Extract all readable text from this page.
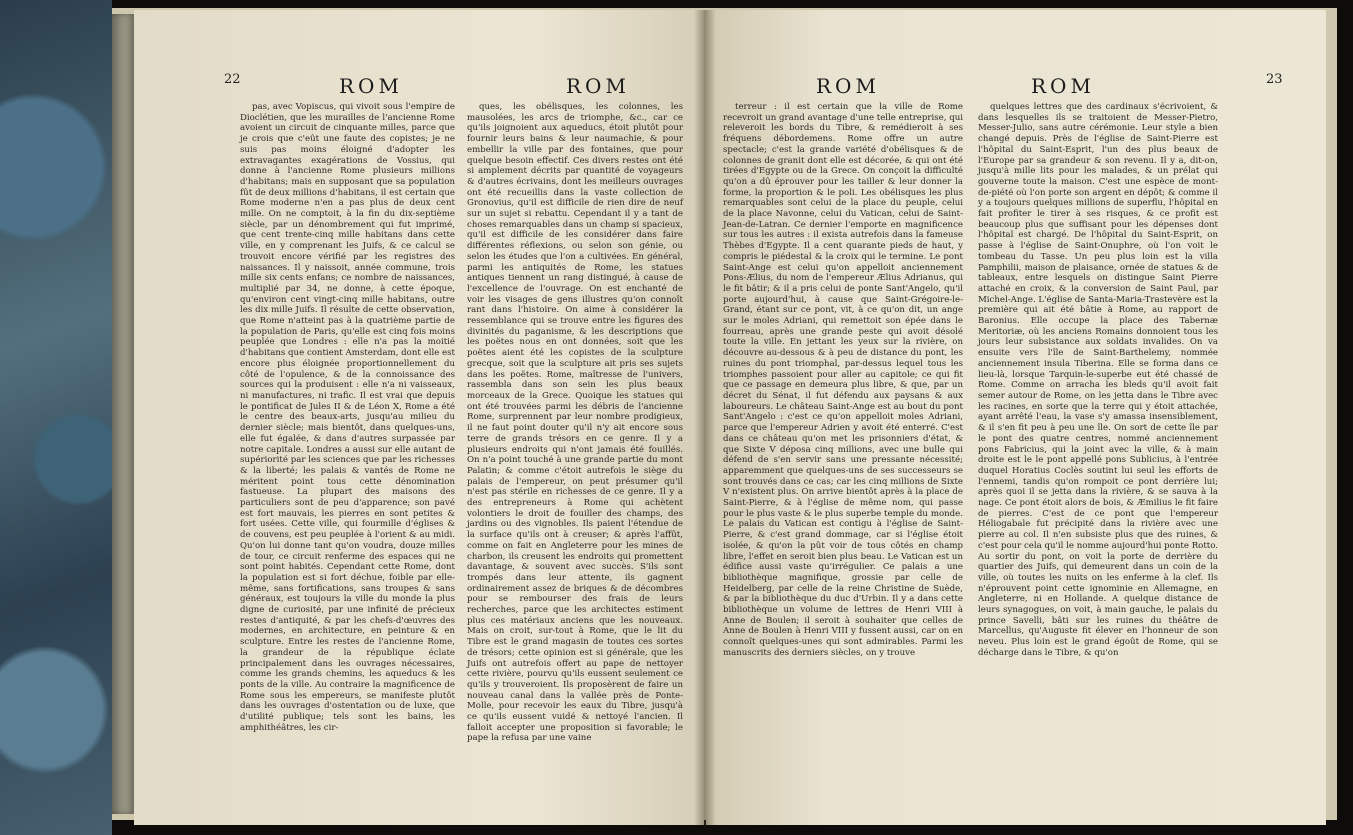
22	ROM	ROM

pas, avec Vopiscus, qui vivoit sous l'empire de Dioclétien, que les murailles de l'ancienne Rome avoient un circuit de cinquante milles, parce que je crois que c'eût une faute des copistes; je ne suis pas moins éloigné d'adopter les extravagantes exagérations de Vossius, qui donne à l'ancienne Rome plusieurs millions d'habitans; mais en supposant que sa population fût de deux millions d'habitans, il est certain que Rome moderne n'en a pas plus de deux cent mille. On ne comptoit, à la fin du dix-septième siècle, par un dénombrement qui fut imprimé, que cent trente-cinq mille habitans dans cette ville, en y comprenant les Juifs, & ce calcul se trouvoit encore vérifié par les registres des naissances. Il y naissoit, année commune, trois mille six cents enfans; ce nombre de naissances, multiplié par 34, ne donne, à cette époque, qu'environ cent vingt-cinq mille habitans, outre les dix mille Juifs. Il résulte de cette observation, que Rome n'atteint pas à la quatrième partie de la population de Paris, qu'elle est cinq fois moins peuplée que Londres : elle n'a pas la moitié d'habitans que contient Amsterdam, dont elle est encore plus éloignée proportionnellement du côté de l'opulence, & de la connoissance des sources qui la produisent : elle n'a ni vaisseaux, ni manufactures, ni trafic. Il est vrai que depuis le pontificat de Jules II & de Léon X, Rome a été le centre des beaux-arts, jusqu'au milieu du dernier siècle; mais bientôt, dans quelques-uns, elle fut égalée, & dans d'autres surpassée par notre capitale. Londres a aussi sur elle autant de supériorité par les sciences que par les richesses & la liberté; les palais & vantés de Rome ne méritent point tous cette dénomination fastueuse. La plupart des maisons des particuliers sont de peu d'apparence; son pavé est fort mauvais, les pierres en sont petites & fort usées. Cette ville, qui fourmille d'églises & de couvens, est peu peuplée à l'orient & au midi. Qu'on lui donne tant qu'on voudra, douze milles de tour, ce circuit renferme des espaces qui ne sont point habités. Cependant cette Rome, dont la population est si fort déchue, foible par elle-même, sans fortifications, sans troupes & sans généraux, est toujours la ville du monde la plus digne de curiosité, par une infinité de précieux restes d'antiquité, & par les chefs-d'œuvres des modernes, en architecture, en peinture & en sculpture. Entre les restes de l'ancienne Rome, la grandeur de la république éclate principalement dans les ouvrages nécessaires, comme les grands chemins, les aqueducs & les ponts de la ville. Au contraire la magnificence de Rome sous les empereurs, se manifeste plutôt dans les ouvrages d'ostentation ou de luxe, que d'utilité publique; tels sont les bains, les amphithéâtres, les cir-

ques, les obélisques, les colonnes, les mausolées, les arcs de triomphe, &c., car ce qu'ils joignoient aux aqueducs, étoit plutôt pour fournir leurs bains & leur naumachie, & pour embellir la ville par des fontaines, que pour quelque besoin effectif. Ces divers restes ont été si amplement décrits par quantité de voyageurs & d'autres écrivains, dont les meilleurs ouvrages ont été recueillis dans la vaste collection de Gronovius, qu'il est difficile de rien dire de neuf sur un sujet si rebattu. Cependant il y a tant de choses remarquables dans un champ si spacieux, qu'il est difficile de les considérer dans faire différentes réflexions, ou selon son génie, ou selon les études que l'on a cultivées. En général, parmi les antiquités de Rome, les statues antiques tiennent un rang distingué, à cause de l'excellence de l'ouvrage. On est enchanté de voir les visages de gens illustres qu'on connoît rant dans l'histoire. On aime à considérer la ressemblance qui se trouve entre les figures des divinités du paganisme, & les descriptions que les poëtes nous en ont données, soit que les poëtes aient été les copistes de la sculpture grecque, soit que la sculpture ait pris ses sujets dans les poëtes. Rome, maîtresse de l'univers, rassembla dans son sein les plus beaux morceaux de la Grece. Quoique les statues qui ont été trouvées parmi les débris de l'ancienne Rome, surprennent par leur nombre prodigieux, il ne faut point douter qu'il n'y ait encore sous terre de grands trésors en ce genre. Il y a plusieurs endroits qui n'ont jamais été fouillés. On n'a point touché à une grande partie du mont Palatin; & comme c'étoit autrefois le siège du palais de l'empereur, on peut présumer qu'il n'est pas stérile en richesses de ce genre. Il y a des entrepreneurs à Rome qui achètent volontiers le droit de fouiller des champs, des jardins ou des vignobles. Ils paient l'étendue de la surface qu'ils ont à creuser; & après l'affût, comme on fait en Angleterre pour les mines de charbon, ils creusent les endroits qui promettent davantage, & souvent avec succès. S'ils sont trompés dans leur attente, ils gagnent ordinairement assez de briques & de décombres pour se rembourser des frais de leurs recherches, parce que les architectes estiment plus ces matériaux anciens que les nouveaux. Mais on croit, sur-tout à Rome, que le lit du Tibre est le grand magasin de toutes ces sortes de trésors; cette opinion est si générale, que les Juifs ont autrefois offert au pape de nettoyer cette rivière, pourvu qu'ils eussent seulement ce qu'ils y trouveroient. Ils proposèrent de faire un nouveau canal dans la vallée près de Ponte-Molle, pour recevoir les eaux du Tibre, jusqu'à ce qu'ils eussent vuidé & nettoyé l'ancien. Il falloit accepter une proposition si favorable; le pape la refusa par une vaine

ROM	ROM	23

terreur : il est certain que la ville de Rome recevroit un grand avantage d'une telle entreprise, qui releveroit les bords du Tibre, & remédieroit à ses fréquens débordemens. Rome offre un autre spectacle; c'est la grande variété d'obélisques & de colonnes de granit dont elle est décorée, & qui ont été tirées d'Egypte ou de la Grece. On conçoit la difficulté qu'on a dû éprouver pour les tailler & leur donner la forme, la proportion & le poli. Les obélisques les plus remarquables sont celui de la place du peuple, celui de la place Navonne, celui du Vatican, celui de Saint-Jean-de-Latran. Ce dernier l'emporte en magnificence sur tous les autres : il exista autrefois dans la fameuse Thèbes d'Egypte. Il a cent quarante pieds de haut, y compris le piédestal & la croix qui le termine. Le pont Saint-Ange est celui qu'on appelloit anciennement Pons-Ælius, du nom de l'empereur Ælius Adrianus, qui le fit bâtir; & il a pris celui de ponte Sant'Angelo, qu'il porte aujourd'hui, à cause que Saint-Grégoire-le-Grand, étant sur ce pont, vit, à ce qu'on dit, un ange sur le moles Adriani, qui remettoit son épée dans le fourreau, après une grande peste qui avoit désolé toute la ville. En jettant les yeux sur la rivière, on découvre au-dessous & à peu de distance du pont, les ruines du pont triomphal, par-dessus lequel tous les triomphes passoient pour aller au capitole; ce qui fit que ce passage en demeura plus libre, & que, par un décret du Sénat, il fut défendu aux paysans & aux laboureurs. Le château Saint-Ange est au bout du pont Sant'Angelo : c'est ce qu'on appelloit moles Adriani, parce que l'empereur Adrien y avoit été enterré. C'est dans ce château qu'on met les prisonniers d'état, & que Sixte V déposa cinq millions, avec une bulle qui défend de s'en servir sans une pressante nécessité; apparemment que quelques-uns de ses successeurs se sont trouvés dans ce cas; car les cinq millions de Sixte V n'existent plus. On arrive bientôt après à la place de Saint-Pierre, & à l'église de même nom, qui passe pour le plus vaste & le plus superbe temple du monde. Le palais du Vatican est contigu à l'église de Saint-Pierre, & c'est grand dommage, car si l'église étoit isolée, & qu'on la pût voir de tous côtés en champ libre, l'effet en seroit bien plus beau. Le Vatican est un édifice aussi vaste qu'irrégulier. Ce palais a une bibliothèque magnifique, grossie par celle de Heidelberg, par celle de la reine Christine de Suède, & par la bibliothèque du duc d'Urbin. Il y a dans cette bibliothèque un volume de lettres de Henri VIII à Anne de Boulen; il seroit à souhaiter que celles de Anne de Boulen à Henri VIII y fussent aussi, car on en connoît quelques-unes qui sont admirables. Parmi les manuscrits des derniers siècles, on y trouve

quelques lettres que des cardinaux s'écrivoient, & dans lesquelles ils se traitoient de Messer-Pietro, Messer-Julio, sans autre cérémonie. Leur style a bien changé depuis. Près de l'église de Saint-Pierre est l'hôpital du Saint-Esprit, l'un des plus beaux de l'Europe par sa grandeur & son revenu. Il y a, dit-on, jusqu'à mille lits pour les malades, & un prélat qui gouverne toute la maison. C'est une espèce de mont-de-piété où l'on porte son argent en dépôt; & comme il y a toujours quelques millions de superflu, l'hôpital en fait profiter le tirer à ses risques, & ce profit est beaucoup plus que suffisant pour les dépenses dont l'hôpital est chargé. De l'hôpital du Saint-Esprit, on passe à l'église de Saint-Onuphre, où l'on voit le tombeau du Tasse. Un peu plus loin est la villa Pamphilii, maison de plaisance, ornée de statues & de tableaux, entre lesquels on distingue Saint Pierre attaché en croix, & la conversion de Saint Paul, par Michel-Ange. L'église de Santa-Maria-Trastevère est la première qui ait été bâtie à Rome, au rapport de Baronius. Elle occupe la place des Tabernæ Meritoriæ, où les anciens Romains donnoient tous les jours leur subsistance aux soldats invalides. On va ensuite vers l'île de Saint-Barthelemy, nommée anciennement insula Tiberina. Elle se forma dans ce lieu-là, lorsque Tarquin-le-superbe eut été chassé de Rome. Comme on arracha les bleds qu'il avoit fait semer autour de Rome, on les jetta dans le Tibre avec les racines, en sorte que la terre qui y étoit attachée, ayant arrêté l'eau, la vase s'y amassa insensiblement, & il s'en fit peu à peu une île. On sort de cette île par le pont des quatre centres, nommé anciennement pons Fabricius, qui la joint avec la ville, & à main droite est le le pont appellé pons Sublicius, à l'entrée duquel Horatius Coclès soutint lui seul les efforts de l'ennemi, tandis qu'on rompoit ce pont derrière lui; après quoi il se jetta dans la rivière, & se sauva à la nage. Ce pont étoit alors de bois, & Æmilius le fit faire de pierres. C'est de ce pont que l'empereur Héliogabale fut précipité dans la rivière avec une pierre au col. Il n'en subsiste plus que des ruines, & c'est pour cela qu'il le nomme aujourd'hui ponte Rotto. Au sortir du pont, on voit la porte de derrière du quartier des Juifs, qui demeurent dans un coin de la ville, où toutes les nuits on les enferme à la clef. Ils n'éprouvent point cette ignominie en Allemagne, en Angleterre, ni en Hollande. A quelque distance de leurs synagogues, on voit, à main gauche, le palais du prince Savelli, bâti sur les ruines du théâtre de Marcellus, qu'Auguste fit élever en l'honneur de son neveu. Plus loin est le grand égoût de Rome, qui se décharge dans le Tibre, & qu'on
